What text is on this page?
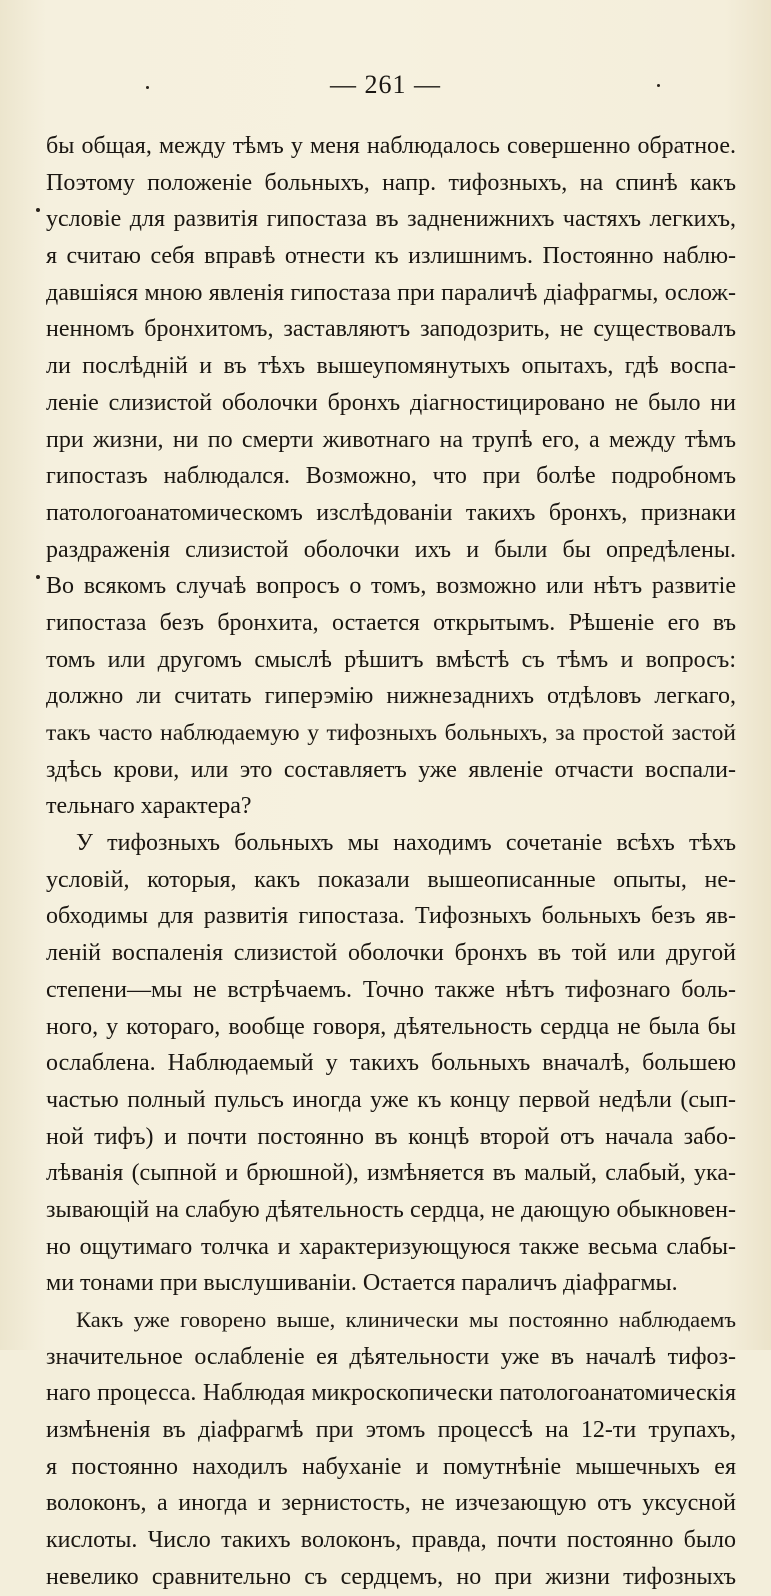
— 261 —
бы общая, между тѣмъ у меня наблюдалось совершенно обратное.
Поэтому положеніе больныхъ, напр. тифозныхъ, на спинѣ какъ
условіе для развитія гипостаза въ задненижнихъ частяхъ легкихъ,
я считаю себя вправѣ отнести къ излишнимъ. Постоянно наблю-
давшіяся мною явленія гипостаза при параличѣ діафрагмы, ослож-
ненномъ бронхитомъ, заставляютъ заподозрить, не существовалъ
ли послѣдній и въ тѣхъ вышеупомянутыхъ опытахъ, гдѣ воспа-
леніе слизистой оболочки бронхъ діагностицировано не было ни
при жизни, ни по смерти животнаго на трупѣ его, а между тѣмъ
гипостазъ наблюдался. Возможно, что при болѣе подробномъ
патологоанатомическомъ изслѣдованіи такихъ бронхъ, признаки
раздраженія слизистой оболочки ихъ и были бы опредѣлены.
Во всякомъ случаѣ вопросъ о томъ, возможно или нѣтъ развитіе
гипостаза безъ бронхита, остается открытымъ. Рѣшеніе его въ
томъ или другомъ смыслѣ рѣшитъ вмѣстѣ съ тѣмъ и вопросъ:
должно ли считать гиперэмію нижнезаднихъ отдѣловъ легкаго,
такъ часто наблюдаемую у тифозныхъ больныхъ, за простой застой
здѣсь крови, или это составляетъ уже явленіе отчасти воспали-
тельнаго характера?
У тифозныхъ больныхъ мы находимъ сочетаніе всѣхъ тѣхъ
условій, которыя, какъ показали вышеописанные опыты, не-
обходимы для развитія гипостаза. Тифозныхъ больныхъ безъ яв-
леній воспаленія слизистой оболочки бронхъ въ той или другой
степени—мы не встрѣчаемъ. Точно также нѣтъ тифознаго боль-
ного, у котораго, вообще говоря, дѣятельность сердца не была бы
ослаблена. Наблюдаемый у такихъ больныхъ вначалѣ, большею
частью полный пульсъ иногда уже къ концу первой недѣли (сып-
ной тифъ) и почти постоянно въ концѣ второй отъ начала забо-
лѣванія (сыпной и брюшной), измѣняется въ малый, слабый, ука-
зывающій на слабую дѣятельность сердца, не дающую обыкновен-
но ощутимаго толчка и характеризующуюся также весьма слабы-
ми тонами при выслушиваніи. Остается параличъ діафрагмы.
Какъ уже говорено выше, клинически мы постоянно наблюдаемъ
значительное ослабленіе ея дѣятельности уже въ началѣ тифоз-
наго процесса. Наблюдая микроскопически патологоанатомическія
измѣненія въ діафрагмѣ при этомъ процессѣ на 12-ти трупахъ,
я постоянно находилъ набуханіе и помутнѣніе мышечныхъ ея
волоконъ, а иногда и зернистость, не изчезающую отъ уксусной
кислоты. Число такихъ волоконъ, правда, почти постоянно было
невелико сравнительно съ сердцемъ, но при жизни тифозныхъ
